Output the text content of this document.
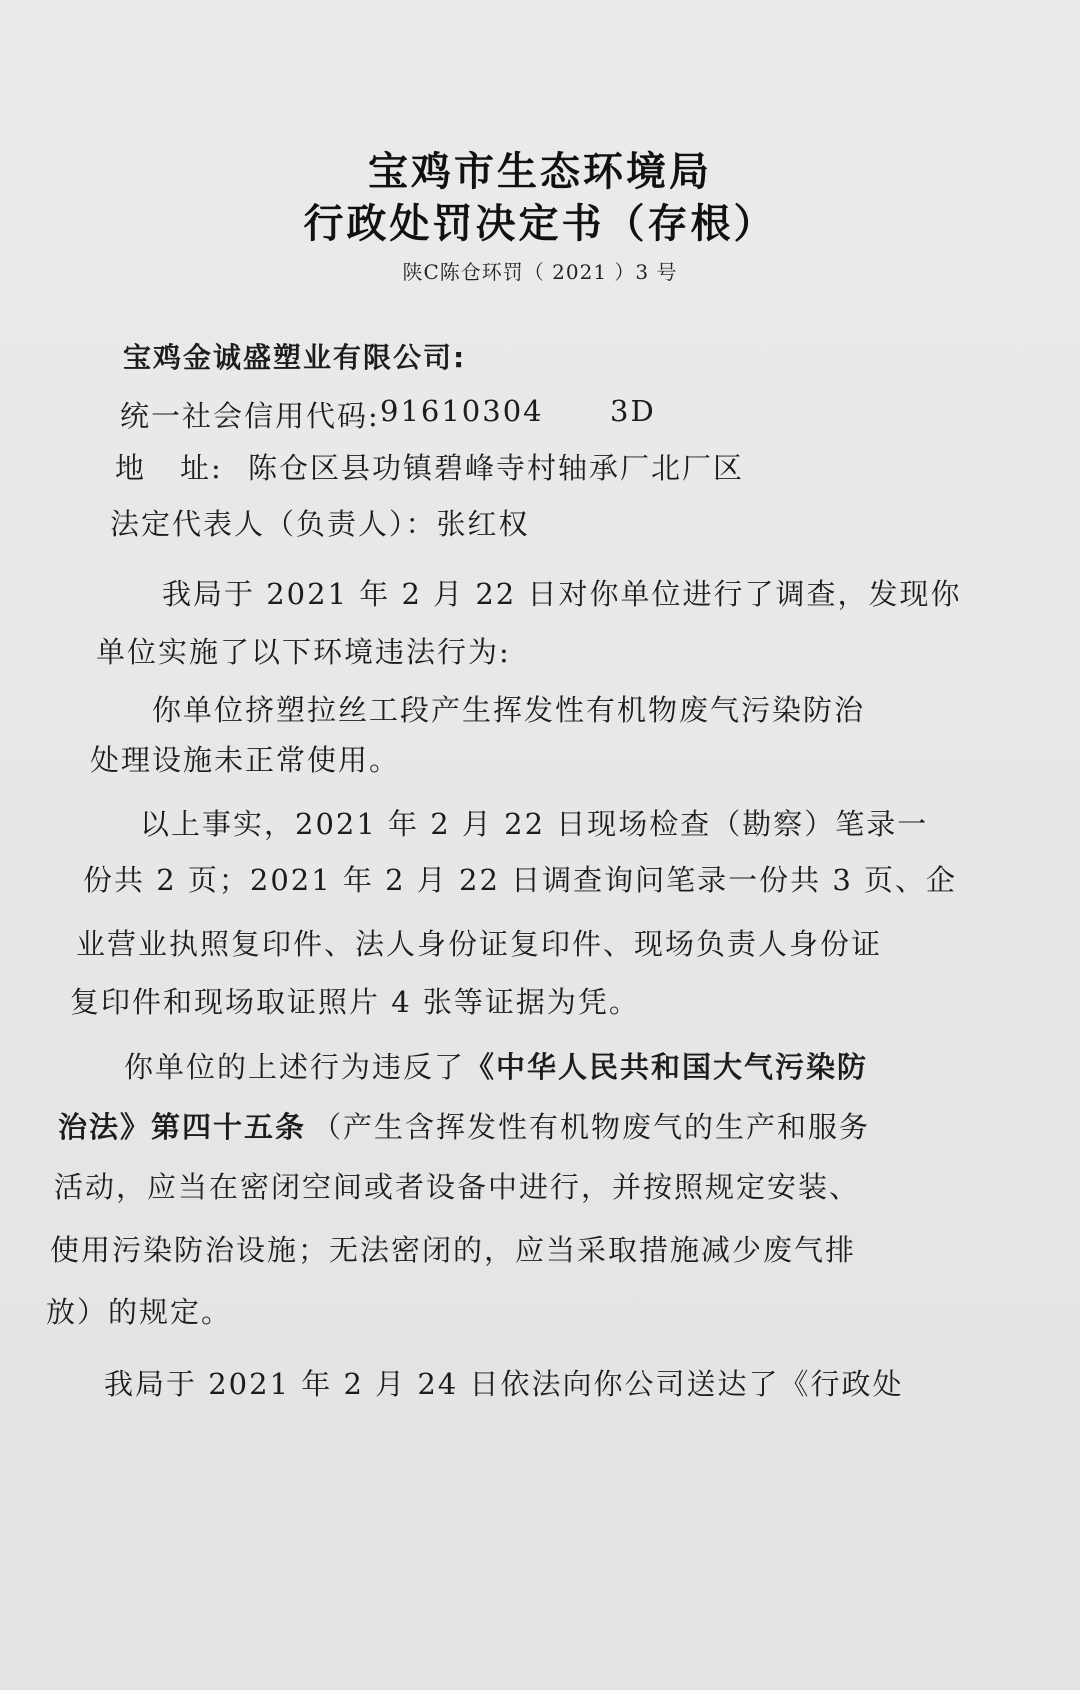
宝鸡市生态环境局
行政处罚决定书（存根）
陕C陈仓环罚（ 2021 ）3 号
宝鸡金诚盛塑业有限公司:
统一社会信用代码: 91610304 3D
地 址: 陈仓区县功镇碧峰寺村轴承厂北厂区
法定代表人（负责人）：张红权
我局于 2021 年 2 月 22 日对你单位进行了调查，发现你
单位实施了以下环境违法行为:
你单位挤塑拉丝工段产生挥发性有机物废气污染防治
处理设施未正常使用。
以上事实，2021 年 2 月 22 日现场检查（勘察）笔录一
份共 2 页；2021 年 2 月 22 日调查询问笔录一份共 3 页、企
业营业执照复印件、法人身份证复印件、现场负责人身份证
复印件和现场取证照片 4 张等证据为凭。
你单位的上述行为违反了 《中华人民共和国大气污染防
治法》第四十五条 （产生含挥发性有机物废气的生产和服务
活动，应当在密闭空间或者设备中进行，并按照规定安装、
使用污染防治设施；无法密闭的，应当采取措施减少废气排
放）的规定。
我局于 2021 年 2 月 24 日依法向你公司送达了《行政处
